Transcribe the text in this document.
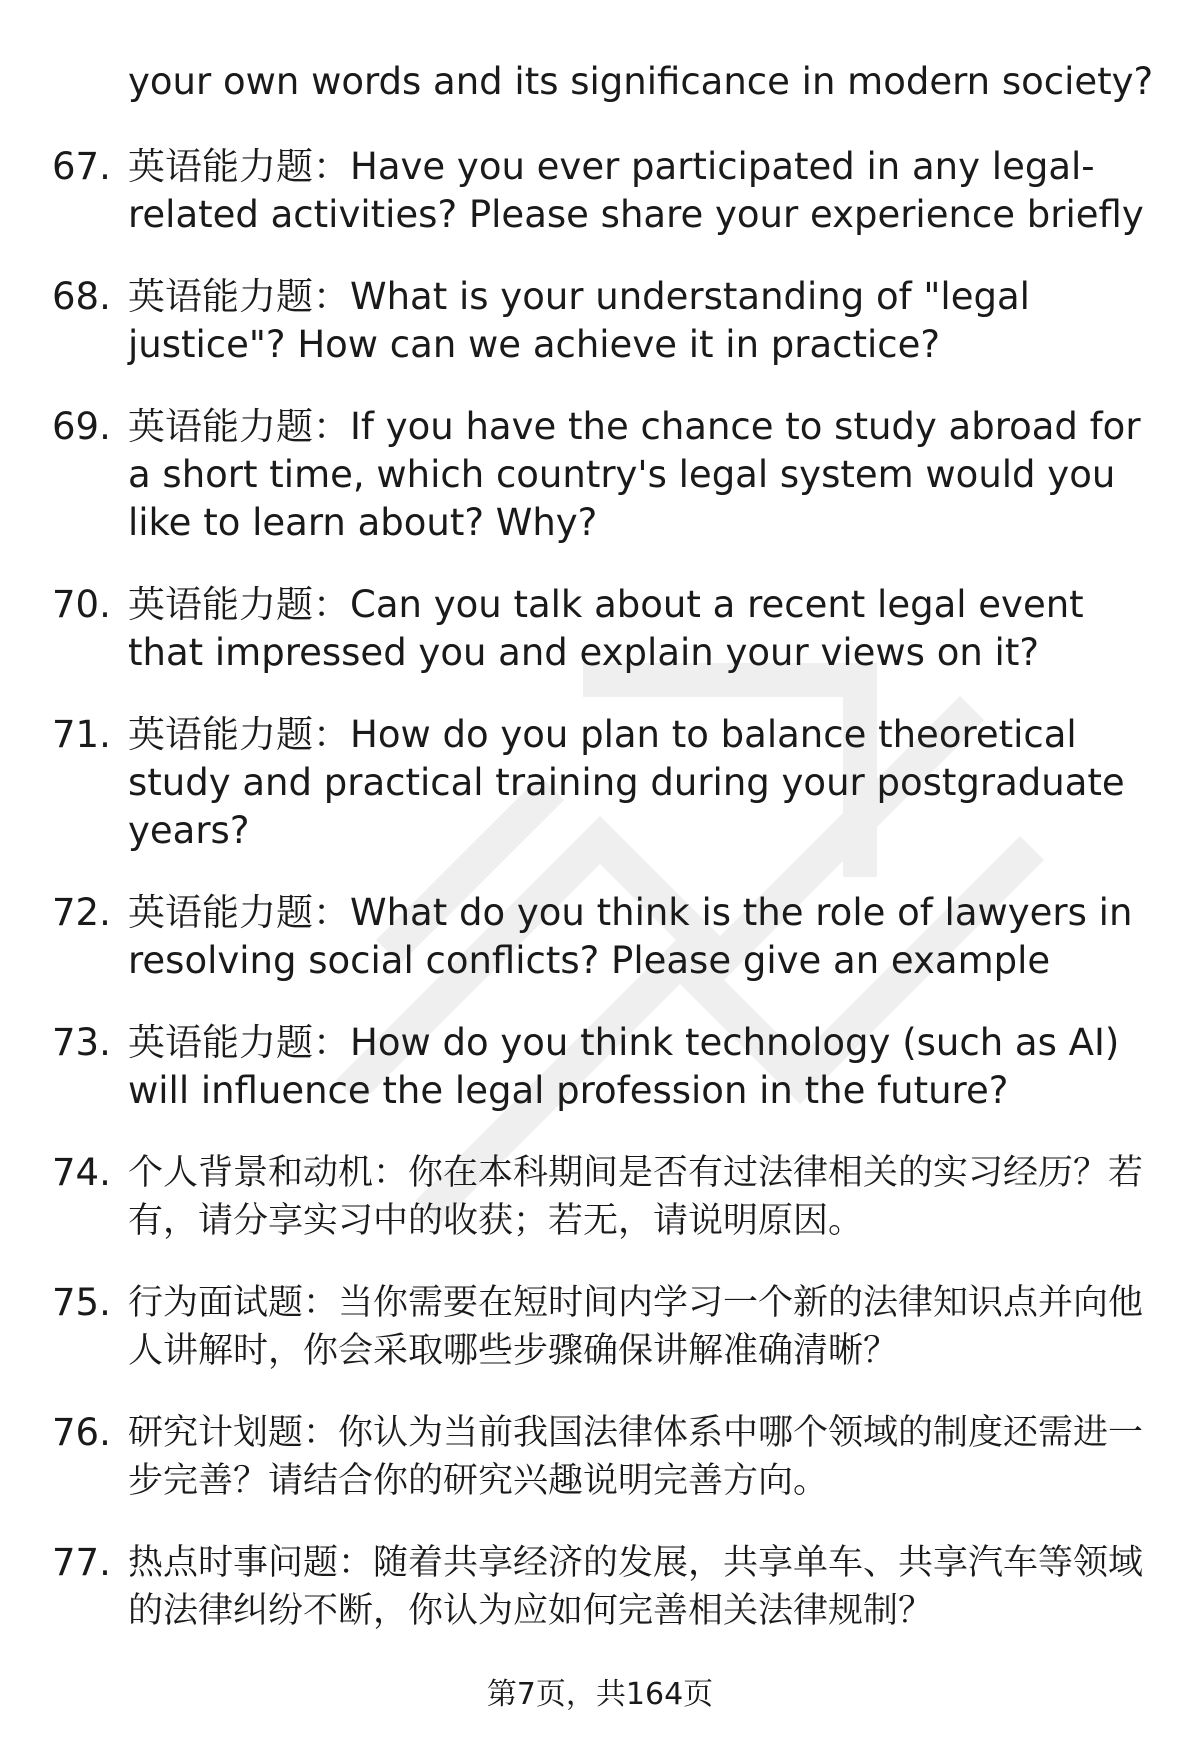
your own words and its significance in modern society?

67. 英语能力题：Have you ever participated in any legal-related activities? Please share your experience briefly
68. 英语能力题：What is your understanding of "legal justice"? How can we achieve it in practice?
69. 英语能力题：If you have the chance to study abroad for a short time, which country's legal system would you like to learn about? Why?
70. 英语能力题：Can you talk about a recent legal event that impressed you and explain your views on it?
71. 英语能力题：How do you plan to balance theoretical study and practical training during your postgraduate years?
72. 英语能力题：What do you think is the role of lawyers in resolving social conflicts? Please give an example
73. 英语能力题：How do you think technology (such as AI) will influence the legal profession in the future?
74. 个人背景和动机：你在本科期间是否有过法律相关的实习经历？若有，请分享实习中的收获；若无，请说明原因。
75. 行为面试题：当你需要在短时间内学习一个新的法律知识点并向他人讲解时，你会采取哪些步骤确保讲解准确清晰？
76. 研究计划题：你认为当前我国法律体系中哪个领域的制度还需进一步完善？请结合你的研究兴趣说明完善方向。
77. 热点时事问题：随着共享经济的发展，共享单车、共享汽车等领域的法律纠纷不断，你认为应如何完善相关法律规制？
第7页，共164页
